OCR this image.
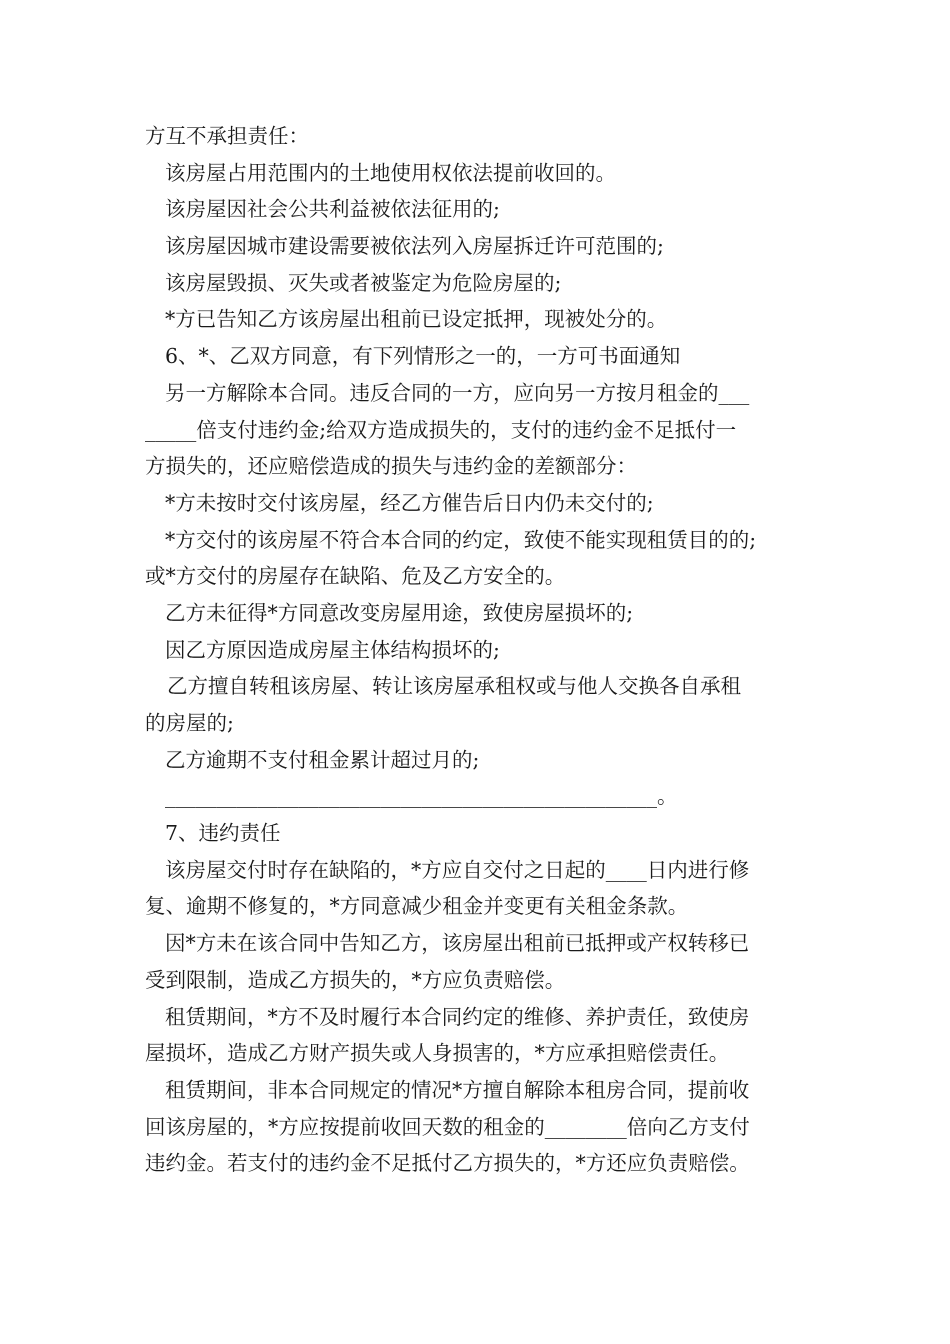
方互不承担责任：
该房屋占用范围内的土地使用权依法提前收回的。
该房屋因社会公共利益被依法征用的;
该房屋因城市建设需要被依法列入房屋拆迁许可范围的;
该房屋毁损、灭失或者被鉴定为危险房屋的;
*方已告知乙方该房屋出租前已设定抵押，现被处分的。
6、*、乙双方同意，有下列情形之一的，一方可书面通知
另一方解除本合同。违反合同的一方，应向另一方按月租金的___
_____倍支付违约金;给双方造成损失的，支付的违约金不足抵付一
方损失的，还应赔偿造成的损失与违约金的差额部分：
*方未按时交付该房屋，经乙方催告后日内仍未交付的;
*方交付的该房屋不符合本合同的约定，致使不能实现租赁目的的;
或*方交付的房屋存在缺陷、危及乙方安全的。
乙方未征得*方同意改变房屋用途，致使房屋损坏的;
因乙方原因造成房屋主体结构损坏的;
乙方擅自转租该房屋、转让该房屋承租权或与他人交换各自承租
的房屋的;
乙方逾期不支付租金累计超过月的;
________________________________________________。
7、违约责任
该房屋交付时存在缺陷的，*方应自交付之日起的____日内进行修
复、逾期不修复的，*方同意减少租金并变更有关租金条款。
因*方未在该合同中告知乙方，该房屋出租前已抵押或产权转移已
受到限制，造成乙方损失的，*方应负责赔偿。
租赁期间，*方不及时履行本合同约定的维修、养护责任，致使房
屋损坏，造成乙方财产损失或人身损害的，*方应承担赔偿责任。
租赁期间，非本合同规定的情况*方擅自解除本租房合同，提前收
回该房屋的，*方应按提前收回天数的租金的________倍向乙方支付
违约金。若支付的违约金不足抵付乙方损失的，*方还应负责赔偿。
